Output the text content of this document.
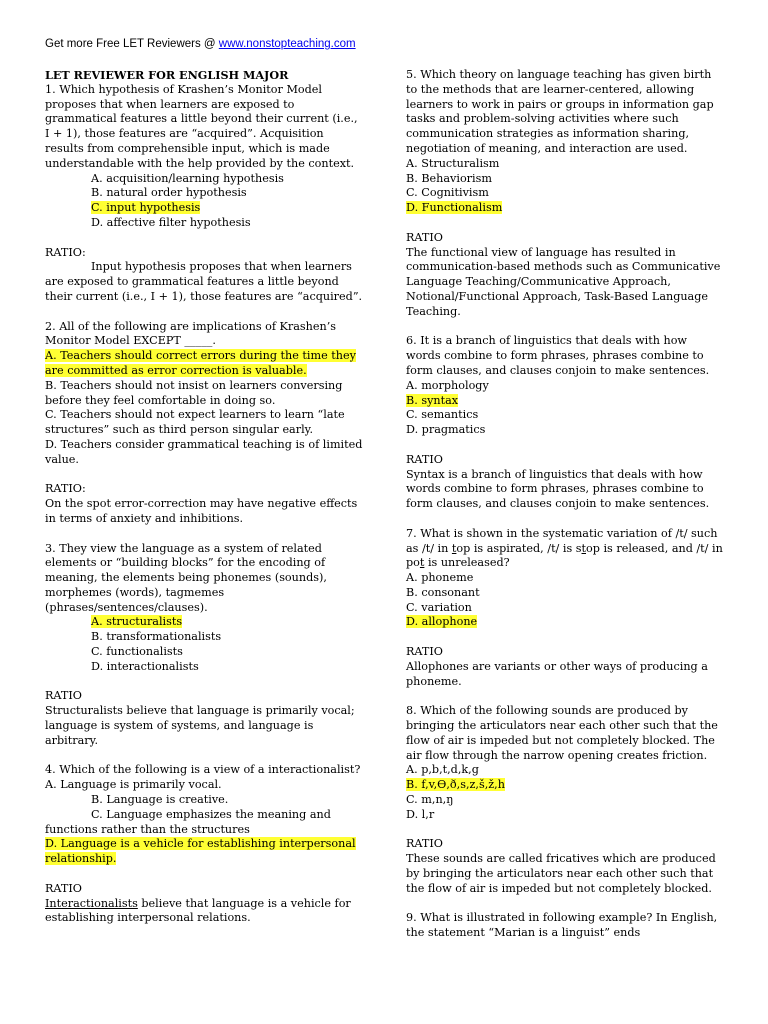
Get more Free LET Reviewers @ www.nonstopteaching.com

LET REVIEWER FOR ENGLISH MAJOR

1. Which hypothesis of Krashen’s Monitor Model proposes that when learners are exposed to grammatical features a little beyond their current (i.e., I + 1), those features are “acquired”. Acquisition results from comprehensible input, which is made understandable with the help provided by the context.

A. acquisition/learning hypothesis

B. natural order hypothesis

C. input hypothesis

D. affective filter hypothesis

RATIO:

Input hypothesis proposes that when learners are exposed to grammatical features a little beyond their current (i.e., I + 1), those features are “acquired”.

2. All of the following are implications of Krashen’s Monitor Model EXCEPT _____.

A. Teachers should correct errors during the time they are committed as error correction is valuable.

B. Teachers should not insist on learners conversing before they feel comfortable in doing so.

C. Teachers should not expect learners to learn “late structures” such as third person singular early.

D. Teachers consider grammatical teaching is of limited value.

RATIO:

On the spot error-correction may have negative effects in terms of anxiety and inhibitions.

3. They view the language as a system of related elements or “building blocks” for the encoding of meaning, the elements being phonemes (sounds), morphemes (words), tagmemes (phrases/sentences/clauses).

A. structuralists

B. transformationalists

C. functionalists

D. interactionalists

RATIO

Structuralists believe that language is primarily vocal; language is system of systems, and language is arbitrary.

4. Which of the following is a view of a interactionalist?

A. Language is primarily vocal.

B. Language is creative.

C. Language emphasizes the meaning and functions rather than the structures

D. Language is a vehicle for establishing interpersonal relationship.

RATIO

Interactionalists believe that language is a vehicle for establishing interpersonal relations.

5. Which theory on language teaching has given birth to the methods that are learner-centered, allowing learners to work in pairs or groups in information gap tasks and problem-solving activities where such communication strategies as information sharing, negotiation of meaning, and interaction are used.

A. Structuralism

B. Behaviorism

C. Cognitivism

D. Functionalism

RATIO

The functional view of language has resulted in communication-based methods such as Communicative Language Teaching/Communicative Approach, Notional/Functional Approach, Task-Based Language Teaching.

6. It is a branch of linguistics that deals with how words combine to form phrases, phrases combine to form clauses, and clauses conjoin to make sentences.

A. morphology

B. syntax

C. semantics

D. pragmatics

RATIO

Syntax is a branch of linguistics that deals with how words combine to form phrases, phrases combine to form clauses, and clauses conjoin to make sentences.

7. What is shown in the systematic variation of /t/ such as /t/ in top is aspirated, /t/ is stop is released, and /t/ in pot is unreleased?

A. phoneme

B. consonant

C. variation

D. allophone

RATIO

Allophones are variants or other ways of producing a phoneme.

8. Which of the following sounds are produced by bringing the articulators near each other such that the flow of air is impeded but not completely blocked. The air flow through the narrow opening creates friction.

A. p,b,t,d,k,g

B. f,v,Ɵ,ð,s,z,š,ž,h

C. m,n,ŋ

D. l,r

RATIO

These sounds are called fricatives which are produced by bringing the articulators near each other such that the flow of air is impeded but not completely blocked.

9. What is illustrated in following example? In English, the statement “Marian is a linguist” ends
